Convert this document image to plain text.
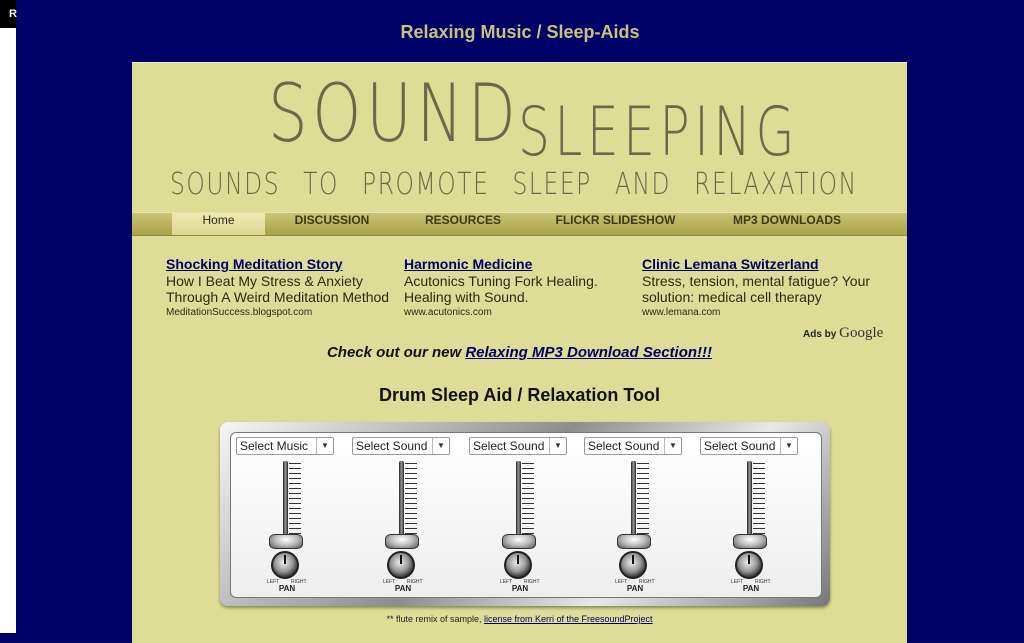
R
Relaxing Music / Sleep-Aids
SOUND
SLEEPING
SOUNDS TO PROMOTE SLEEP AND RELAXATION
Home	DISCUSSION	RESOURCES	FLICKR SLIDESHOW	MP3 DOWNLOADS
Shocking Meditation Story
How I Beat My Stress & Anxiety Through A Weird Meditation Method
MeditationSuccess.blogspot.com
Harmonic Medicine
Acutonics Tuning Fork Healing. Healing with Sound.
www.acutonics.com
Clinic Lemana Switzerland
Stress, tension, mental fatigue? Your solution: medical cell therapy
www.lemana.com
Ads by Google
Check out our new Relaxing MP3 Download Section!!!
Drum Sleep Aid / Relaxation Tool
Select Music	▼
LEFT RIGHT
PAN
Select Sound	▼
LEFT RIGHT
PAN
Select Sound	▼
LEFT RIGHT
PAN
Select Sound	▼
LEFT RIGHT
PAN
Select Sound	▼
LEFT RIGHT
PAN
** flute remix of sample, license from Kerri of the FreesoundProject
